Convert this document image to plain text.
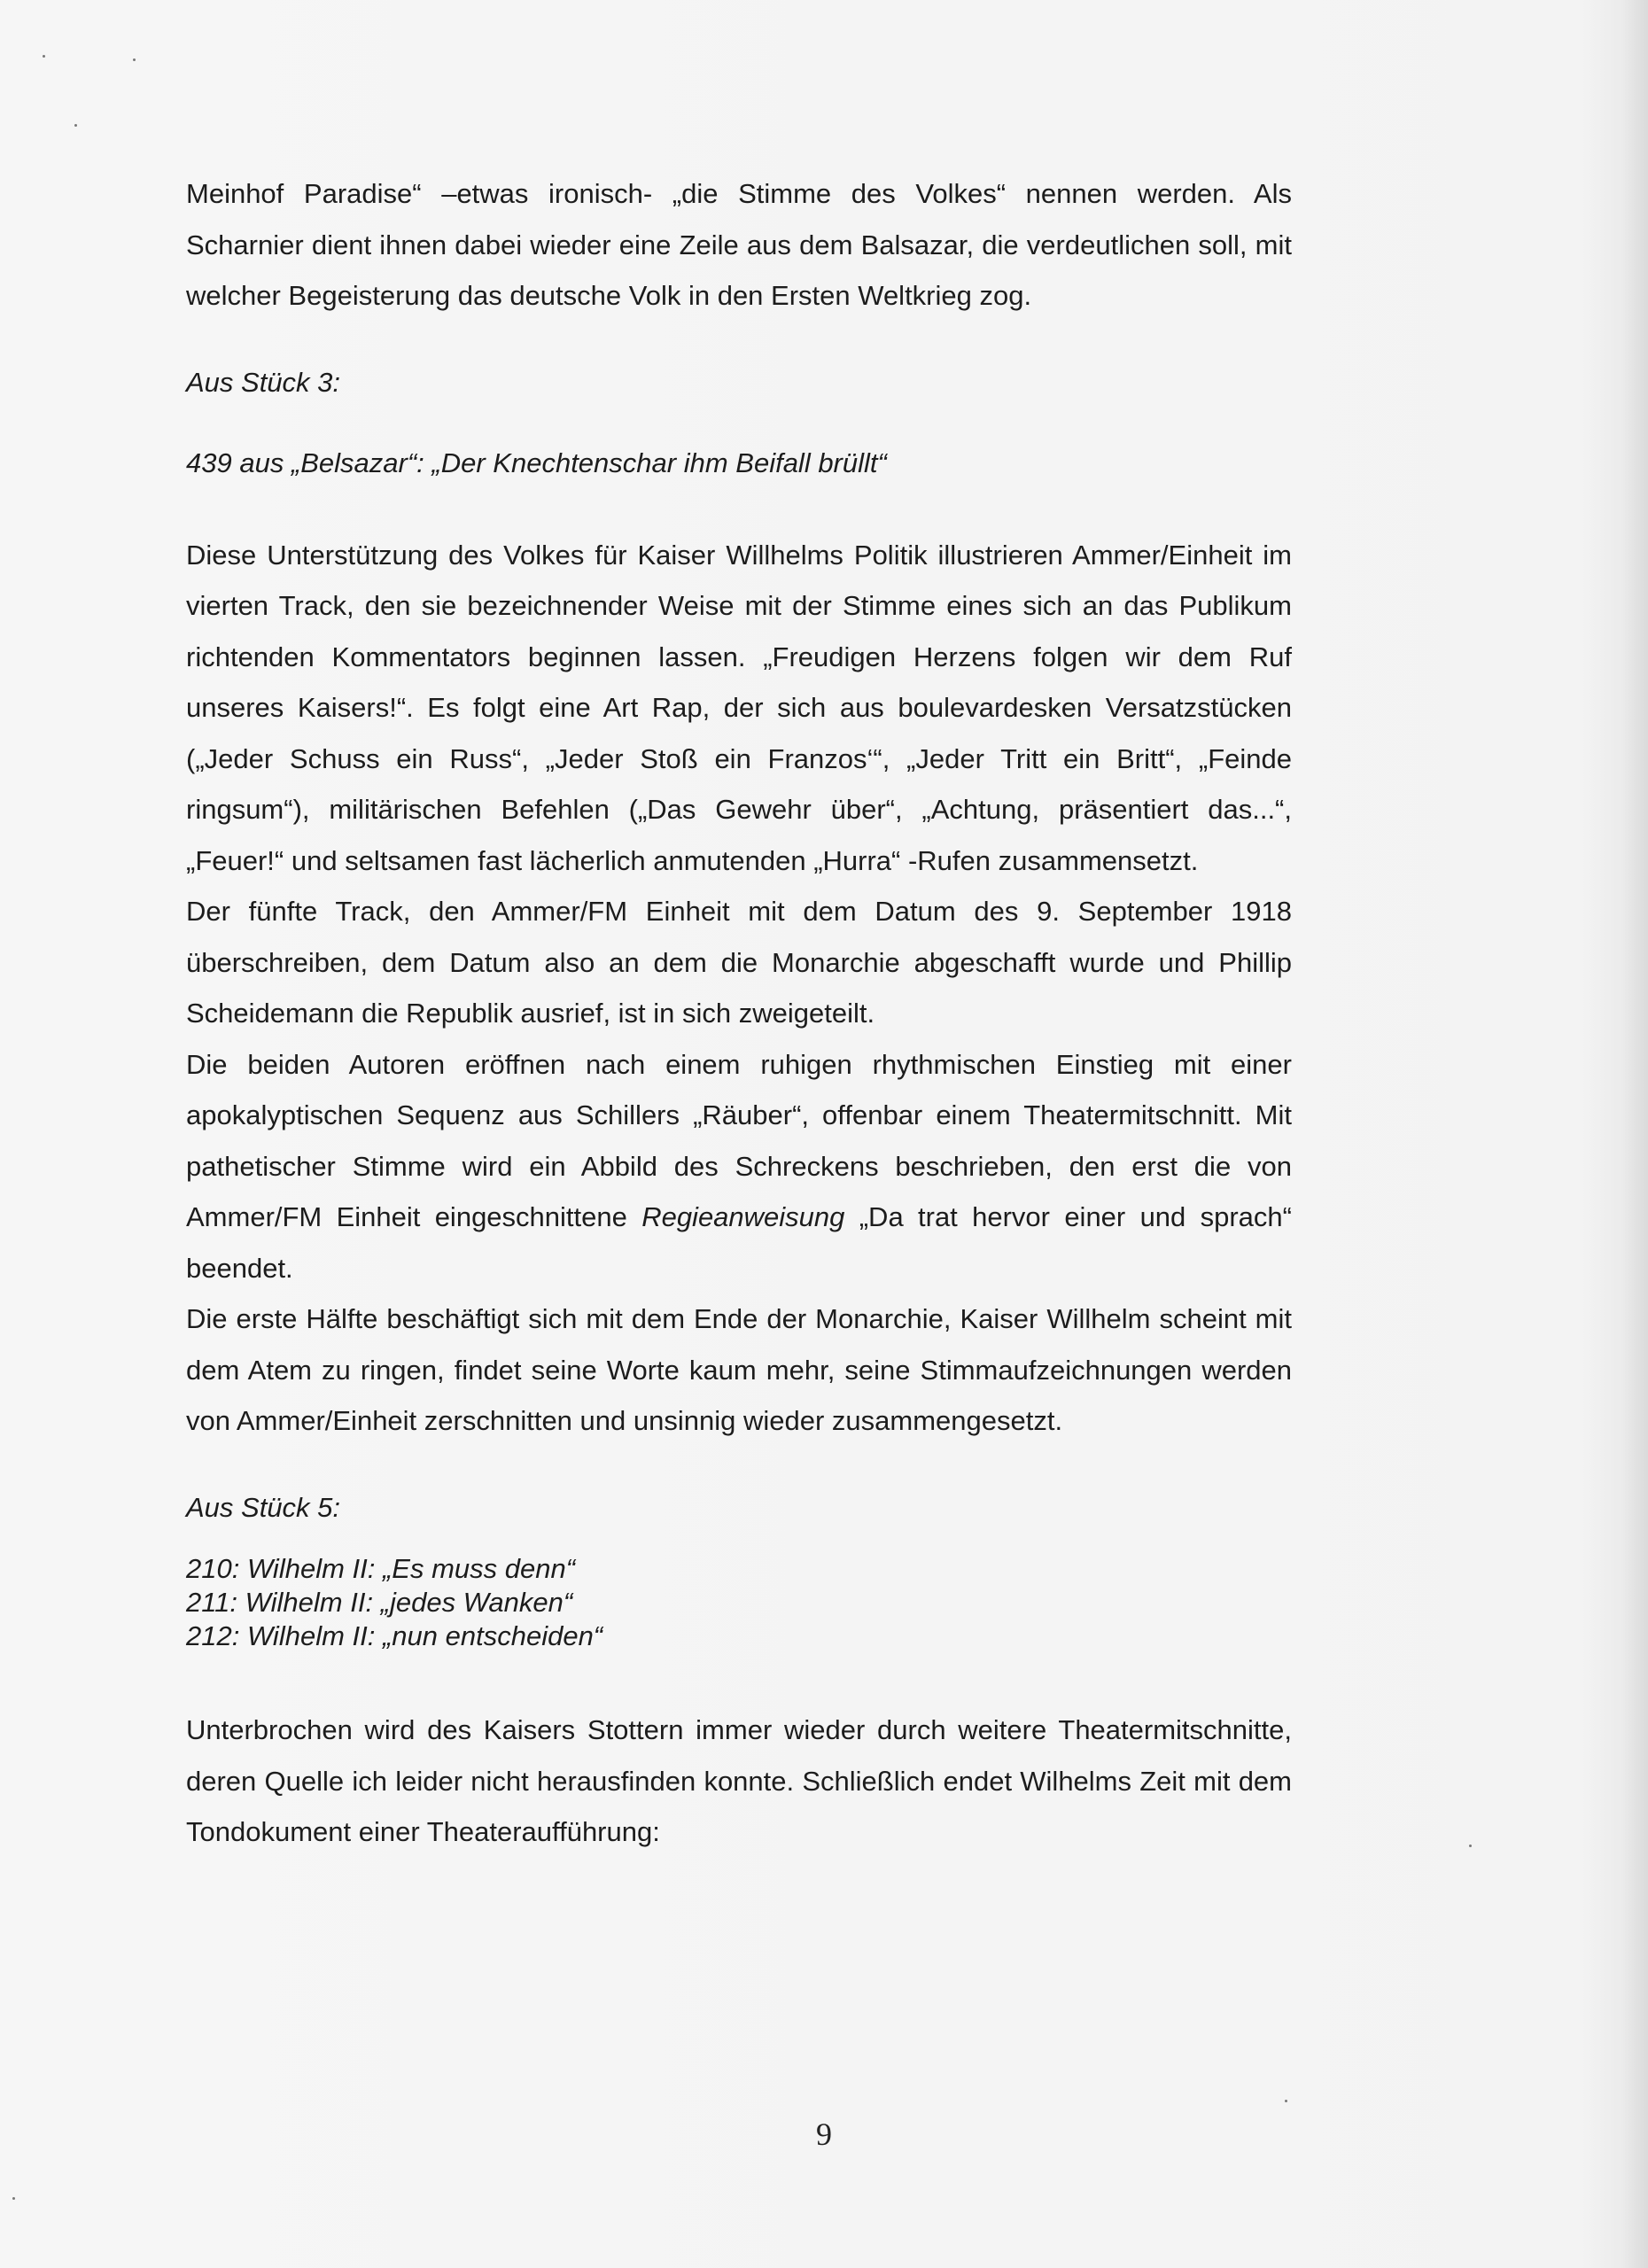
Meinhof Paradise“ –etwas ironisch- „die Stimme des Volkes“ nennen werden. Als Scharnier dient ihnen dabei wieder eine Zeile aus dem Balsazar, die verdeutlichen soll, mit welcher Begeisterung das deutsche Volk in den Ersten Weltkrieg zog.

Aus Stück 3:

439 aus „Belsazar“: „Der Knechtenschar ihm Beifall brüllt“

Diese Unterstützung des Volkes für Kaiser Willhelms Politik illustrieren Ammer/Einheit im vierten Track, den sie bezeichnender Weise mit der Stimme eines sich an das Publikum richtenden Kommentators beginnen lassen. „Freudigen Herzens folgen wir dem Ruf unseres Kaisers!“. Es folgt eine Art Rap, der sich aus boulevardesken Versatzstücken („Jeder Schuss ein Russ“, „Jeder Stoß ein Franzos‘“, „Jeder Tritt ein Britt“, „Feinde ringsum“), militärischen Befehlen („Das Gewehr über“, „Achtung, präsentiert das...“, „Feuer!“ und seltsamen fast lächerlich anmutenden „Hurra“ -Rufen zusammensetzt.

Der fünfte Track, den Ammer/FM Einheit mit dem Datum des 9. September 1918 überschreiben, dem Datum also an dem die Monarchie abgeschafft wurde und Phillip Scheidemann die Republik ausrief, ist in sich zweigeteilt.

Die beiden Autoren eröffnen nach einem ruhigen rhythmischen Einstieg mit einer apokalyptischen Sequenz aus Schillers „Räuber“, offenbar einem Theatermitschnitt. Mit pathetischer Stimme wird ein Abbild des Schreckens beschrieben, den erst die von Ammer/FM Einheit eingeschnittene Regieanweisung „Da trat hervor einer und sprach“ beendet.

Die erste Hälfte beschäftigt sich mit dem Ende der Monarchie, Kaiser Willhelm scheint mit dem Atem zu ringen, findet seine Worte kaum mehr, seine Stimmaufzeichnungen werden von Ammer/Einheit zerschnitten und unsinnig wieder zusammengesetzt.

Aus Stück 5:

210: Wilhelm II: „Es muss denn“

211: Wilhelm II: „jedes Wanken“

212: Wilhelm II: „nun entscheiden“

Unterbrochen wird des Kaisers Stottern immer wieder durch weitere Theatermitschnitte, deren Quelle ich leider nicht herausfinden konnte. Schließlich endet Wilhelms Zeit mit dem Tondokument einer Theateraufführung:

9
